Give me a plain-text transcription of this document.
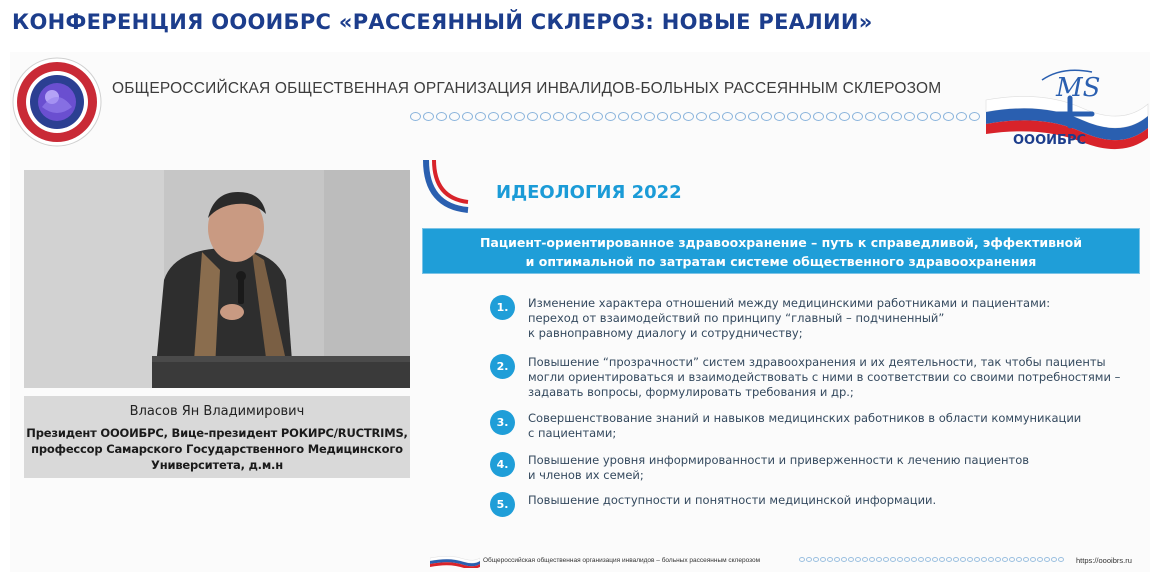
КОНФЕРЕНЦИЯ ОООИБРС «РАССЕЯННЫЙ СКЛЕРОЗ: НОВЫЕ РЕАЛИИ»

ОБЩЕРОССИЙСКАЯ ОБЩЕСТВЕННАЯ ОРГАНИЗАЦИЯ ИНВАЛИДОВ-БОЛЬНЫХ РАССЕЯННЫМ СКЛЕРОЗОМ	MS

ОООИБРС

Власов Ян Владимирович

Президент ОООИБРС, Вице-президент РОКИРС/RUCTRIMS,

профессор Самарского Государственного Медицинского

Университета, д.м.н

ИДЕОЛОГИЯ 2022

Пациент-ориентированное здравоохранение – путь к справедливой, эффективной

и оптимальной по затратам системе общественного здравоохранения

1.	Изменение характера отношений между медицинскими работниками и пациентами:
переход от взаимодействий по принципу “главный – подчиненный”
к равноправному диалогу и сотрудничеству;
2.	Повышение “прозрачности” систем здравоохранения и их деятельности, так чтобы пациенты
могли ориентироваться и взаимодействовать с ними в соответствии со своими потребностями –
задавать вопросы, формулировать требования и др.;
3.	Совершенствование знаний и навыков медицинских работников в области коммуникации
с пациентами;
4.	Повышение уровня информированности и приверженности к лечению пациентов
и членов их семей;
5.	Повышение доступности и понятности медицинской информации.

Общероссийская общественная организация инвалидов – больных рассеянным склерозом	https://oooibrs.ru
